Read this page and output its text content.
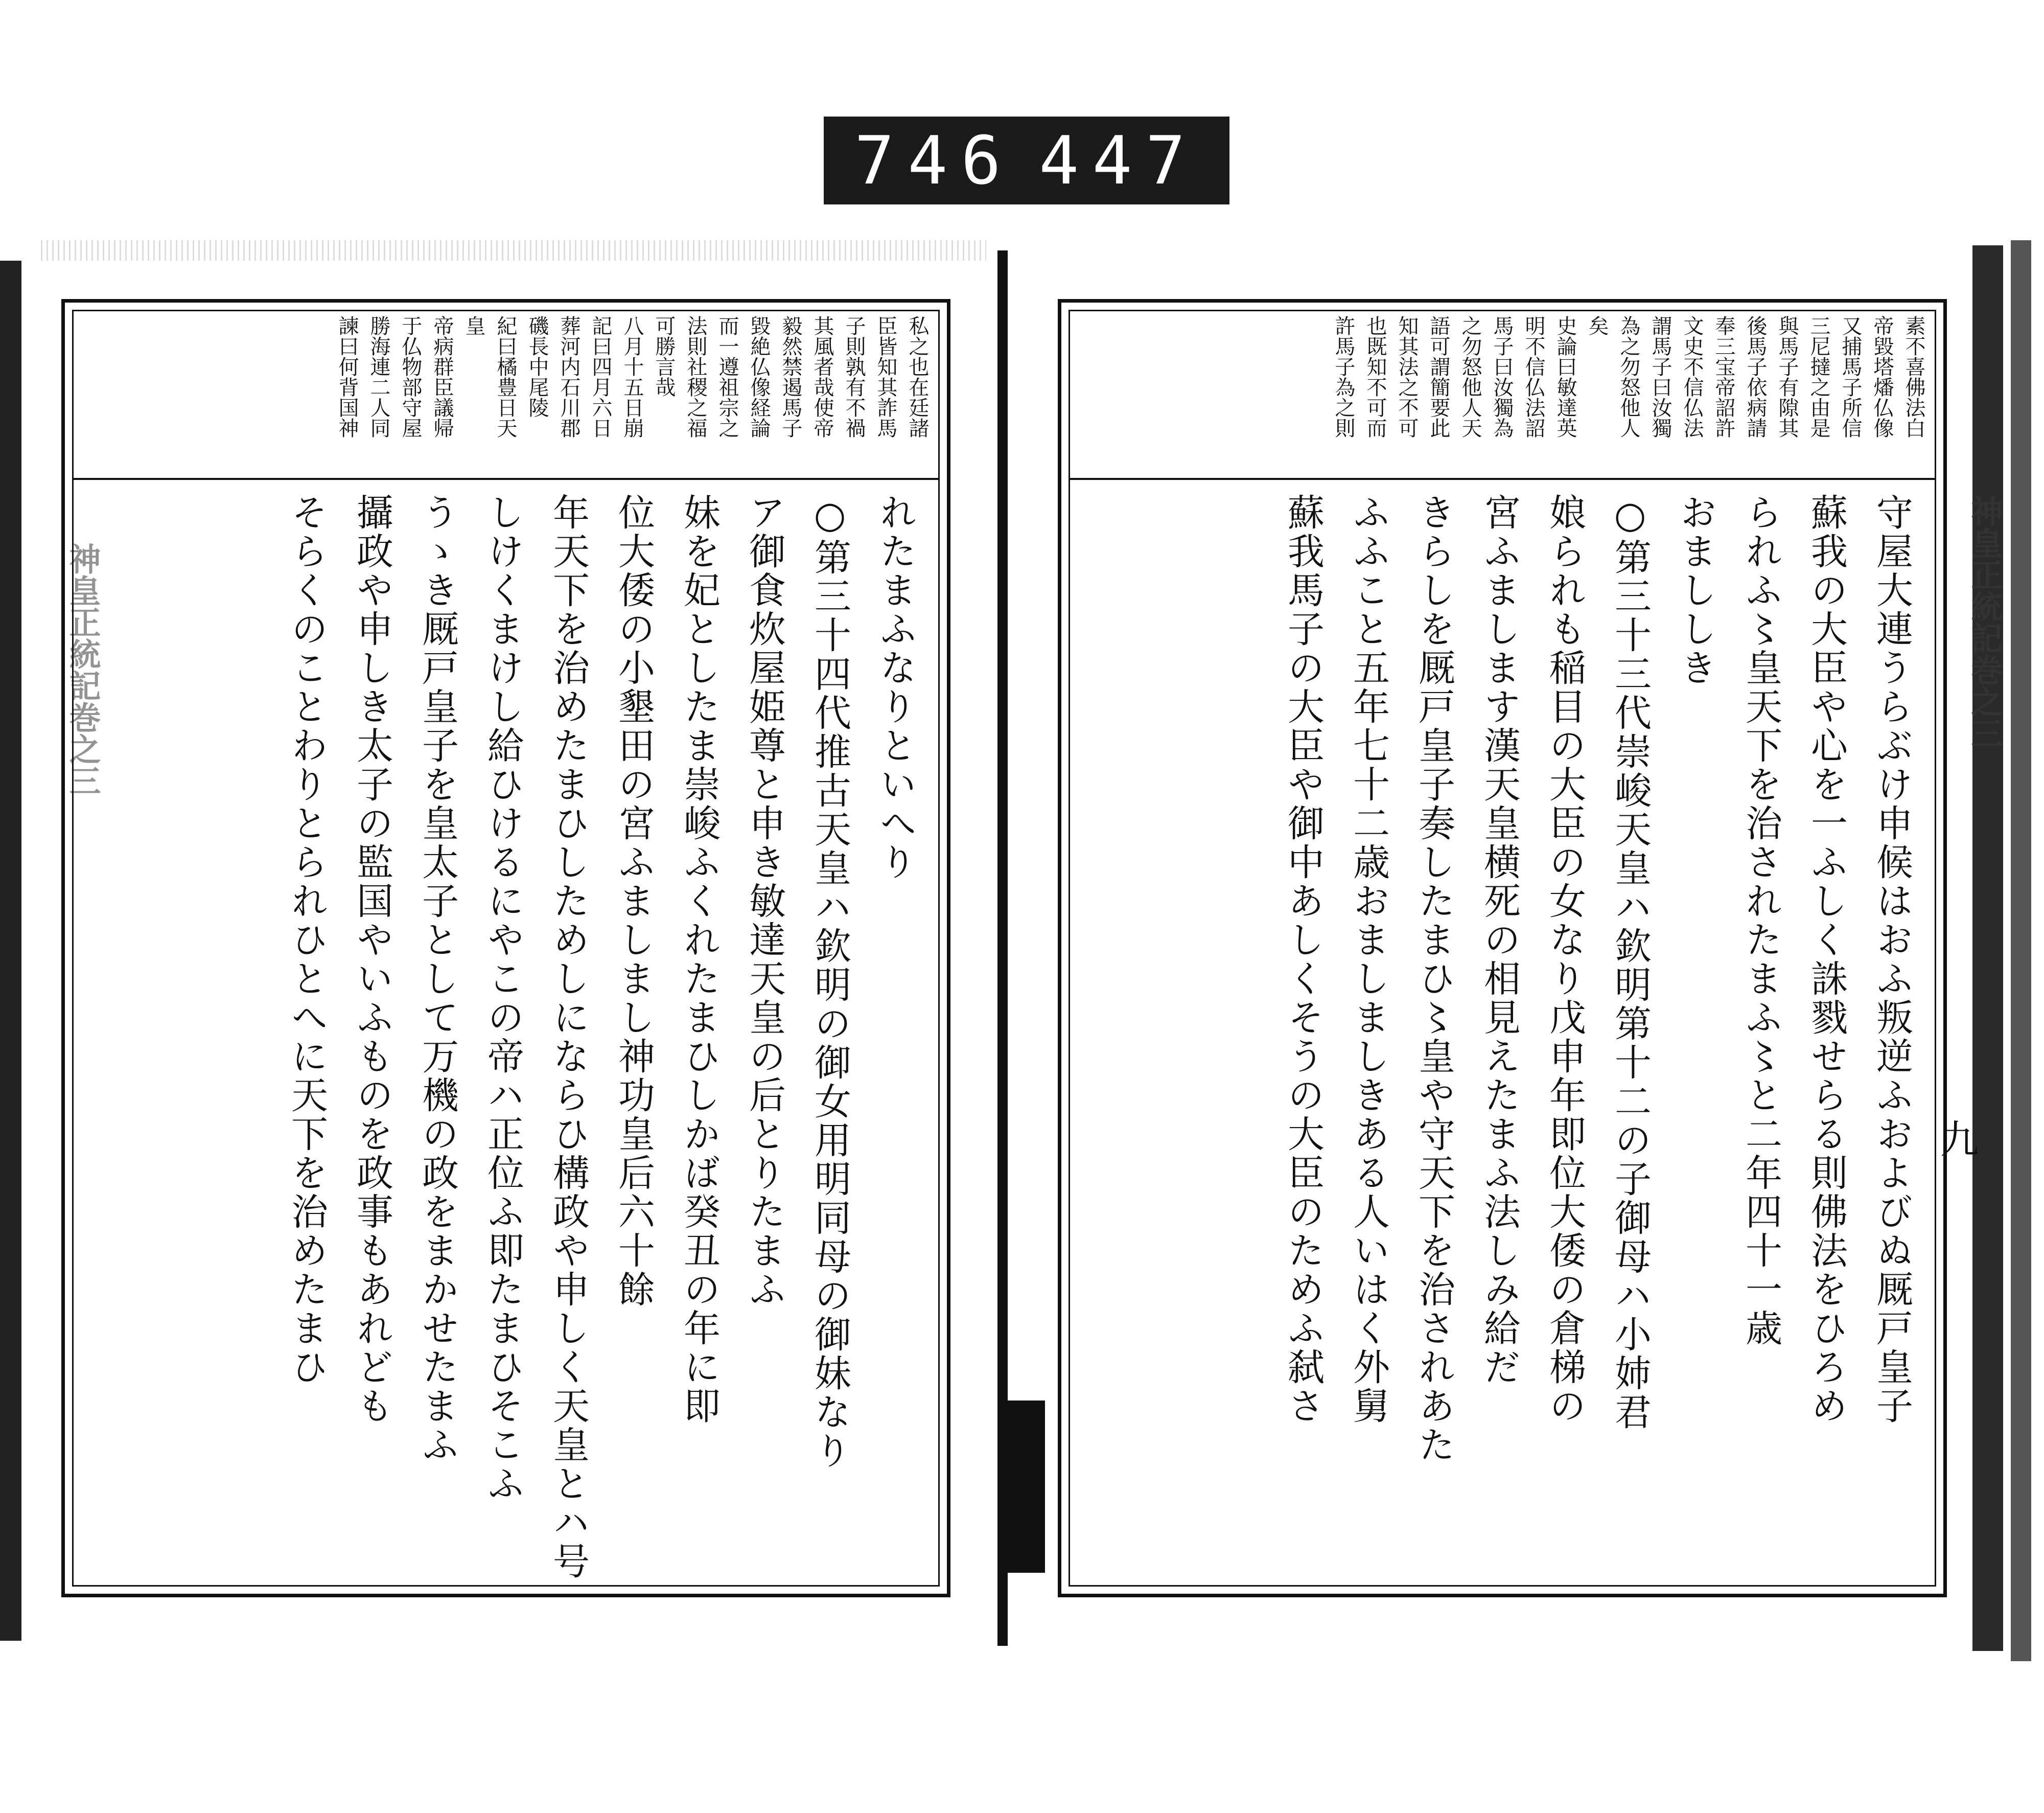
746 447
神皇正統記巻之三
私之也在廷諸
臣皆知其詐馬
子則孰有不禍
其風者哉使帝
毅然禁遏馬子
毀絶仏像経論
而一遵祖宗之
法則社稷之福
可勝言哉
八月十五日崩
記曰四月六日
葬河内石川郡
磯長中尾陵
紀曰橘豊日天
皇
帝病群臣議帰
于仏物部守屋
勝海連二人同
諫曰何背国神
れたまふなりといへり
○第三十四代推古天皇ハ欽明の御女用明同母の御妹なり
ア御食炊屋姫尊と申き敏達天皇の后とりたまふ
妹を妃としたま崇峻ふくれたまひしかば癸丑の年に即
位大倭の小墾田の宮ふましまし神功皇后六十餘
年天下を治めたまひしためしにならひ構政や申しく天皇とハ号
しけくまけし給ひけるにやこの帝ハ正位ふ即たまひそこふ
うゝき厩戸皇子を皇太子として万機の政をまかせたまふ
攝政や申しき太子の監国やいふものを政事もあれども
そらくのことわりとられひとへに天下を治めたまひ
素不喜佛法白
帝毀塔燔仏像
又捕馬子所信
三尼撻之由是
與馬子有隙其
後馬子依病請
奉三宝帝詔許
文史不信仏法
謂馬子曰汝獨
為之勿怒他人
矣
史論曰敏達英
明不信仏法詔
馬子曰汝獨為
之勿怒他人天
語可謂簡要此
知其法之不可
也既知不可而
許馬子為之則
守屋大連うらぶけ申候はおふ叛逆ふおよびぬ厩戸皇子
蘇我の大臣や心を一ふしく誅戮せらる則佛法をひろめ
られふ〻皇天下を治されたまふ〻と二年四十一歳
おまししき
○第三十三代崇峻天皇ハ欽明第十二の子御母ハ小姉君
娘られも稲目の大臣の女なり戊申年即位大倭の倉梯の
宮ふまします漢天皇横死の相見えたまふ法しみ給だ
きらしを厩戸皇子奏したまひ〻皇や守天下を治されあた
ふふこと五年七十二歳おましましきある人いはく外舅
蘇我馬子の大臣や御中あしくそうの大臣のためふ弑さ	神皇正統記巻之三
九
